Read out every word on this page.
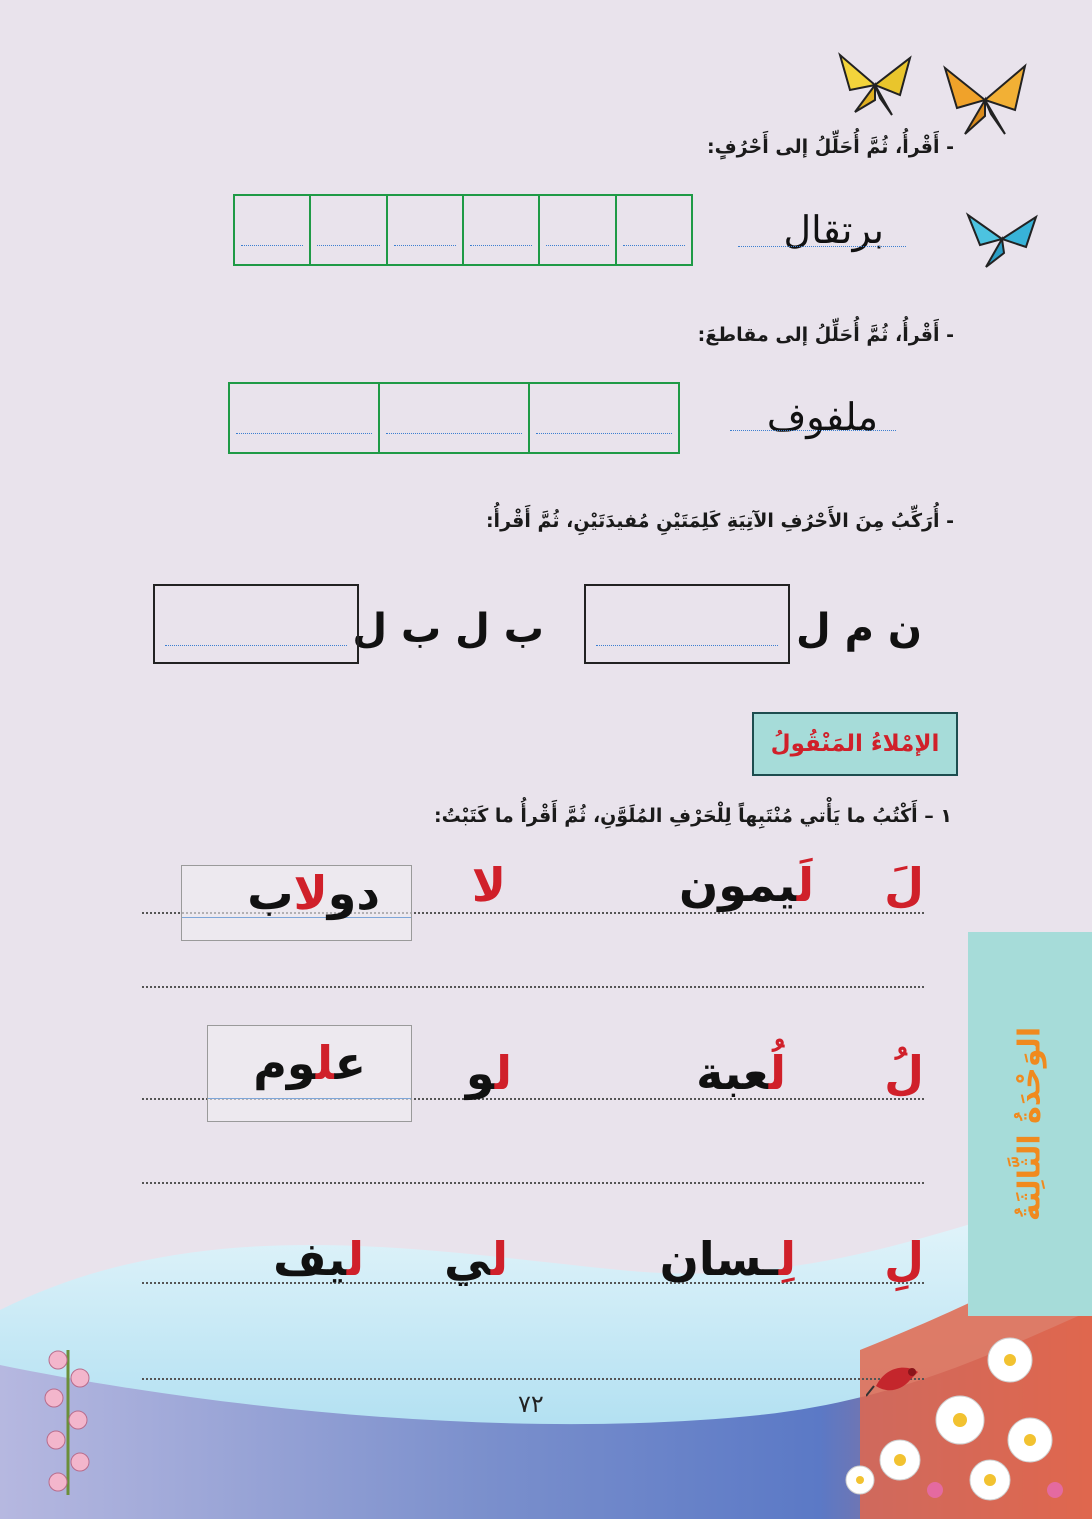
- أَقْرأُ، ثُمَّ أُحَلِّلُ إلى أَحْرُفٍ:
برتقال
- أَقْرأُ، ثُمَّ أُحَلِّلُ إلى مقاطعَ:
ملفوف
- أُرَكِّبُ مِنَ الأَحْرُفِ الآتِيَةِ كَلِمَتَيْنِ مُفيدَتَيْنِ، ثُمَّ أَقْرأُ:
ن م ل
ب ل ب ل
الإمْلاءُ المَنْقُولُ
١ – أَكْتُبُ ما يَأْتي مُنْتَبِهاً لِلْحَرْفِ المُلَوَّنِ، ثُمَّ أَقْرأُ ما كَتَبْتُ:
لَ
لَيمون
لا
دولاب
لُ
لُعبة
لو
علوم
لِ
لِـسان
لي
ليف
الوَحْدَةُ الثَّالِثَةُ
٧٢
